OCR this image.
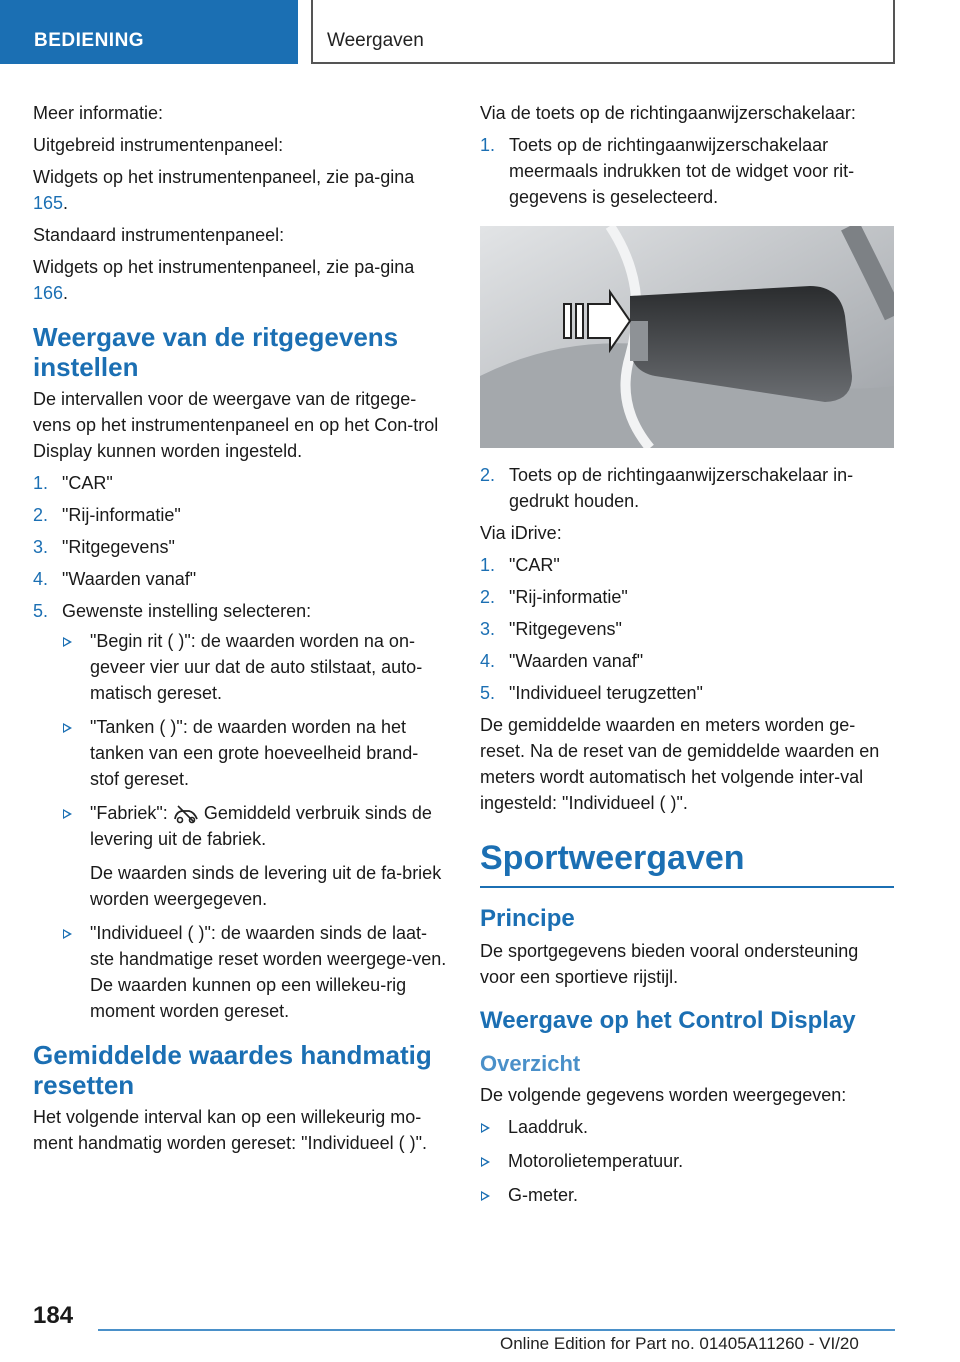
BEDIENING	Weergaven

Meer informatie:

Uitgebreid instrumentenpaneel:

Widgets op het instrumentenpaneel, zie pa-gina 165.

Standaard instrumentenpaneel:

Widgets op het instrumentenpaneel, zie pa-gina 166.

Weergave van de ritgegevens instellen

De intervallen voor de weergave van de ritgege-vens op het instrumentenpaneel en op het Con-trol Display kunnen worden ingesteld.

1. "CAR"
2. "Rij-informatie"
3. "Ritgegevens"
4. "Waarden vanaf"
5. Gewenste instelling selecteren:
"Begin rit ( )": de waarden worden na on-geveer vier uur dat de auto stilstaat, auto-matisch gereset.
"Tanken ( )": de waarden worden na het tanken van een grote hoeveelheid brand-stof gereset.
"Fabriek": Gemiddeld verbruik sinds de levering uit de fabriek.

De waarden sinds de levering uit de fa-briek worden weergegeven.

"Individueel ( )": de waarden sinds de laat-ste handmatige reset worden weergege-ven. De waarden kunnen op een willekeu-rig moment worden gereset.
Gemiddelde waardes handmatig resetten

Het volgende interval kan op een willekeurig mo-ment handmatig worden gereset: "Individueel ( )".

Via de toets op de richtingaanwijzerschakelaar:

1. Toets op de richtingaanwijzerschakelaar meermaals indrukken tot de widget voor rit-gegevens is geselecteerd.
2. Toets op de richtingaanwijzerschakelaar in-gedrukt houden.

Via iDrive:

1. "CAR"
2. "Rij-informatie"
3. "Ritgegevens"
4. "Waarden vanaf"
5. "Individueel terugzetten"

De gemiddelde waarden en meters worden ge-reset. Na de reset van de gemiddelde waarden en meters wordt automatisch het volgende inter-val ingesteld: "Individueel ( )".

Sportweergaven
Principe

De sportgegevens bieden vooral ondersteuning voor een sportieve rijstijl.

Weergave op het Control Display
Overzicht

De volgende gegevens worden weergegeven:

Laaddruk.
Motorolietemperatuur.
G-meter.
184
Online Edition for Part no. 01405A11260 - VI/20
